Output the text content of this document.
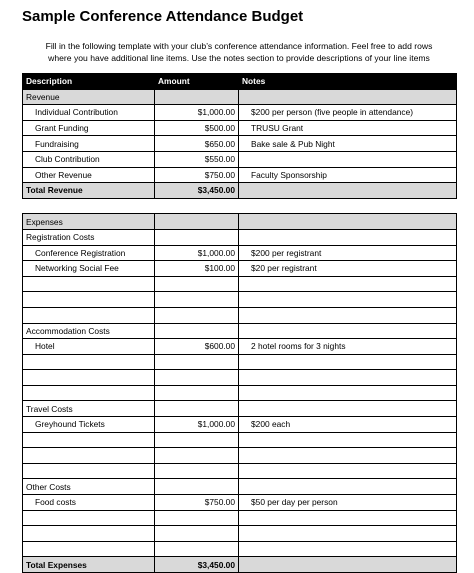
Sample Conference Attendance Budget

Fill in the following template with your club’s conference attendance information. Feel free to add rows
where you have additional line items. Use the notes section to provide descriptions of your line items

Description	Amount	Notes
Revenue		
Individual Contribution	$1,000.00	$200 per person (five people in attendance)
Grant Funding	$500.00	TRUSU Grant
Fundraising	$650.00	Bake sale & Pub Night
Club Contribution	$550.00	
Other Revenue	$750.00	Faculty Sponsorship
Total Revenue	$3,450.00	

Expenses		
Registration Costs		
Conference Registration	$1,000.00	$200 per registrant
Networking Social Fee	$100.00	$20 per registrant

Accommodation Costs		
Hotel	$600.00	2 hotel rooms for 3 nights

Travel Costs		
Greyhound Tickets	$1,000.00	$200 each

Other Costs		
Food costs	$750.00	$50 per day per person

Total Expenses	$3,450.00	
